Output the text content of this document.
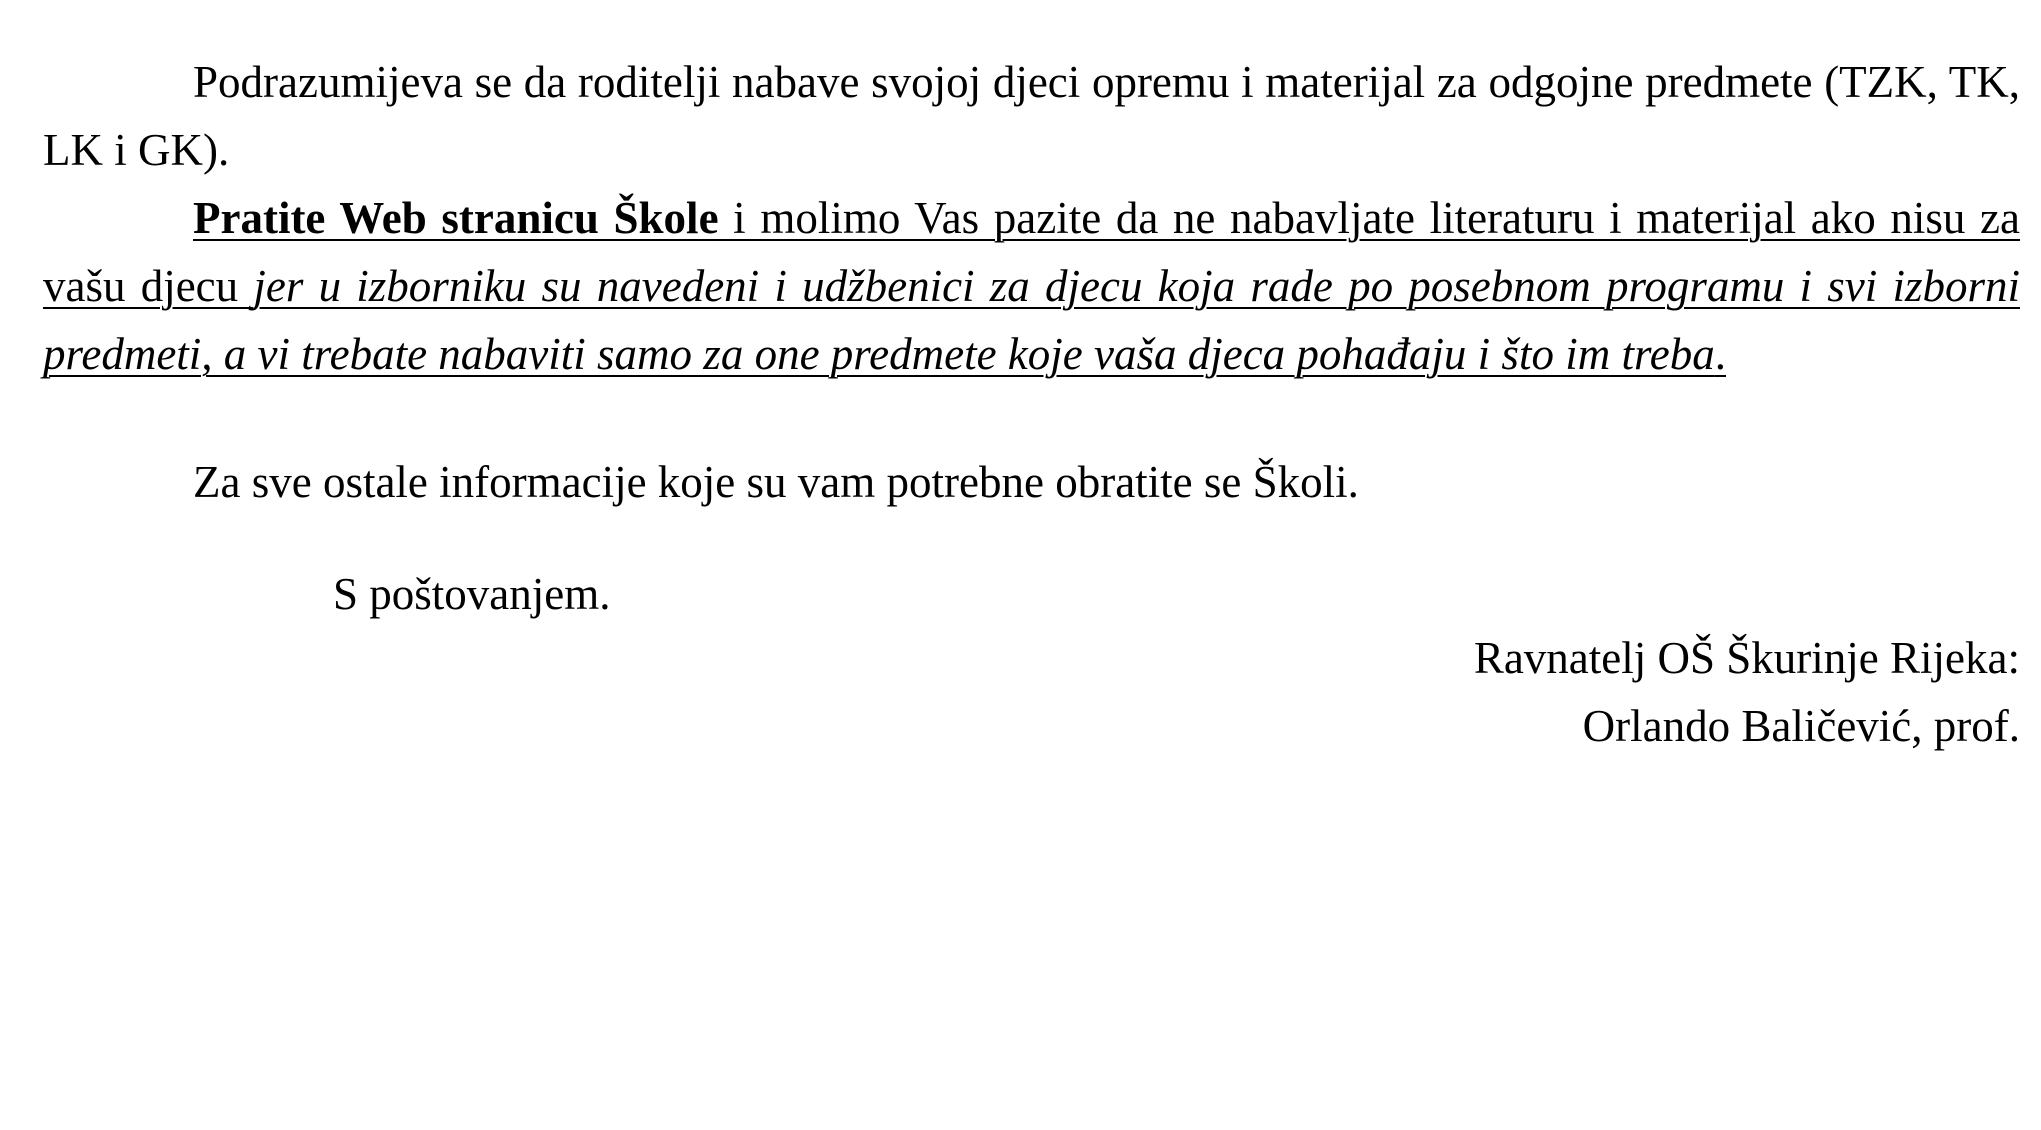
Podrazumijeva se da roditelji nabave svojoj djeci opremu i materijal za odgojne predmete (TZK, TK, LK i GK).

Pratite Web stranicu Škole i molimo Vas pazite da ne nabavljate literaturu i materijal ako nisu za vašu djecu jer u izborniku su navedeni i udžbenici za djecu koja rade po posebnom programu i svi izborni predmeti, a vi trebate nabaviti samo za one predmete koje vaša djeca pohađaju i što im treba.

Za sve ostale informacije koje su vam potrebne obratite se Školi.

S poštovanjem.

Ravnatelj OŠ Škurinje Rijeka:
Orlando Baličević, prof.
